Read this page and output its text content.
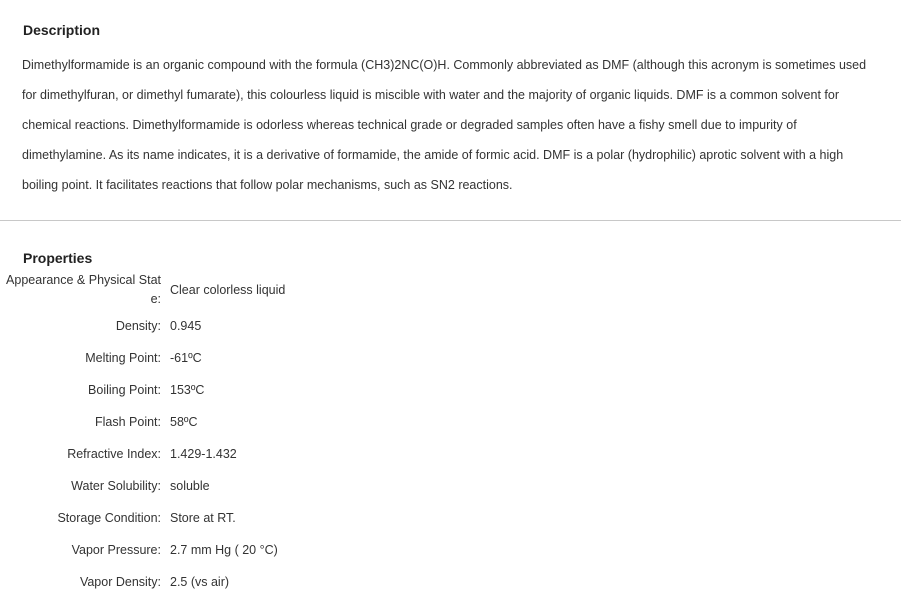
Description
Dimethylformamide is an organic compound with the formula (CH3)2NC(O)H. Commonly abbreviated as DMF (although this acronym is sometimes used
for dimethylfuran, or dimethyl fumarate), this colourless liquid is miscible with water and the majority of organic liquids. DMF is a common solvent for
chemical reactions. Dimethylformamide is odorless whereas technical grade or degraded samples often have a fishy smell due to impurity of
dimethylamine. As its name indicates, it is a derivative of formamide, the amide of formic acid. DMF is a polar (hydrophilic) aprotic solvent with a high
boiling point. It facilitates reactions that follow polar mechanisms, such as SN2 reactions.
Properties
Appearance & Physical State:	Clear colorless liquid
Density:	0.945
Melting Point:	-61ºC
Boiling Point:	153ºC
Flash Point:	58ºC
Refractive Index:	1.429-1.432
Water Solubility:	soluble
Storage Condition:	Store at RT.
Vapor Pressure:	2.7 mm Hg ( 20 °C)
Vapor Density:	2.5 (vs air)
